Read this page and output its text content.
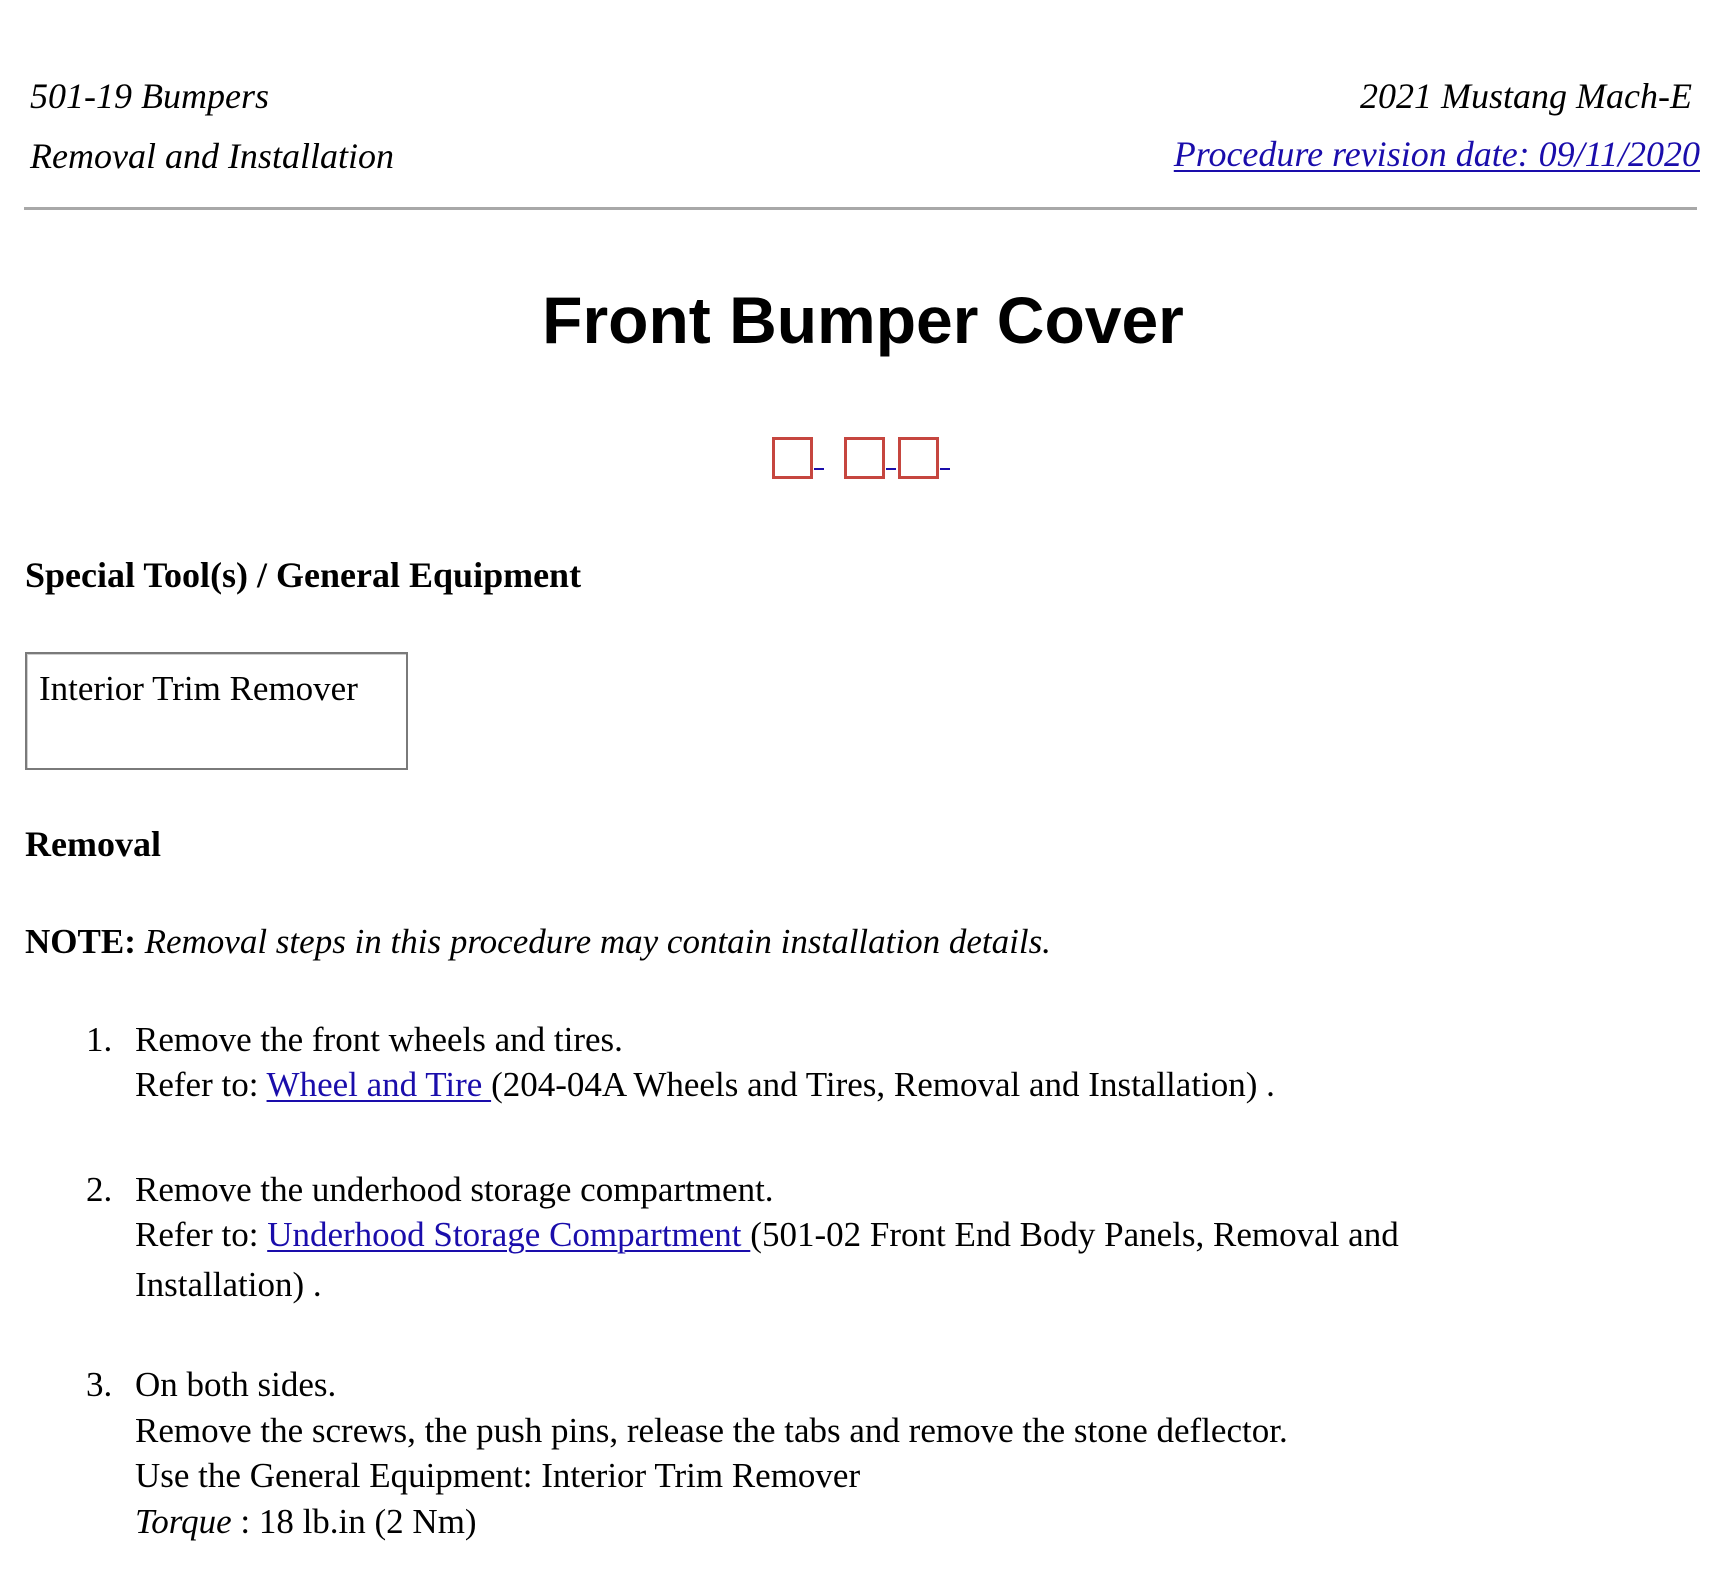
501-19 Bumpers
Removal and Installation
2021 Mustang Mach-E
Procedure revision date: 09/11/2020
Front Bumper Cover
Special Tool(s) / General Equipment
Interior Trim Remover
Removal
NOTE: Removal steps in this procedure may contain installation details.
1. Remove the front wheels and tires.
Refer to: Wheel and Tire (204-04A Wheels and Tires, Removal and Installation) .
2. Remove the underhood storage compartment.
Refer to: Underhood Storage Compartment (501-02 Front End Body Panels, Removal and
Installation) .
3. On both sides.
Remove the screws, the push pins, release the tabs and remove the stone deflector.
Use the General Equipment: Interior Trim Remover
Torque : 18 lb.in (2 Nm)
